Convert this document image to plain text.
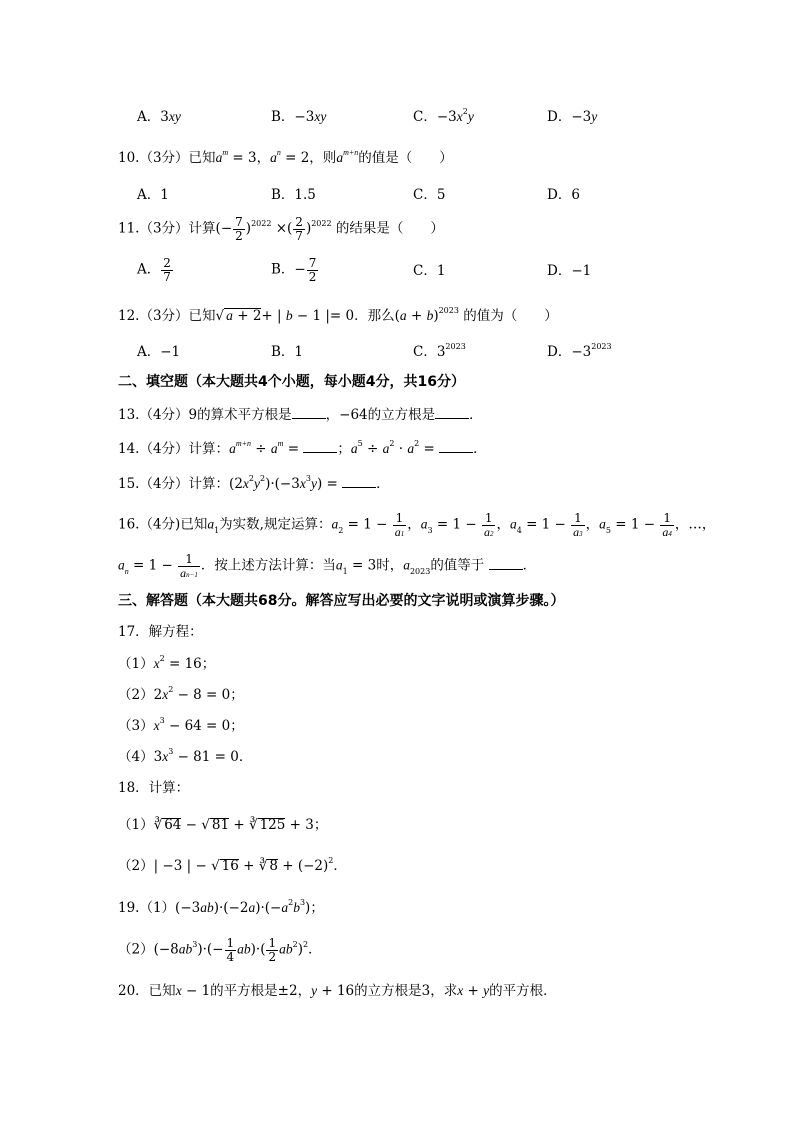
A．3xy	B．−3xy	C．$-3x^2y$	D．−3y
10.（3分）已知$a^m = 3$，$a^n = 2$，则$a^{m+n}$的值是（　　）
A．1	B．1.5	C．5	D．6
11.（3分）计算(− $\frac{7}{2} )^{2022}$ ×( $\frac{2}{7} )^{2022}$ 的结果是（　　）
A． $\frac{2}{7}$	B．− $\frac{7}{2}$	C．1	D．−1
12.（3分）已知√ a + 2+ | b − 1 |= 0．那么$(a + b)^{2023}$ 的值为（　　）
A．−1	B．1	C．$3^{2023}$	D．$-3^{2023}$
二、填空题（本大题共4个小题，每小题4分，共16分）
13.（4分）9的算术平方根是	，−64的立方根是	．
14.（4分）计算：$a^{m+n} \div a^m$ =	；$a^5 \div a^2 \cdot a^2$ =	．
15.（4分）计算：$(2x^2y^2)\cdot(-3x^3y)$ =	．
16.（4分)已知$a_1$为实数,规定运算：$a_2 = 1 - \frac{1}{a1}$ ，$a_3 = 1 - \frac{1}{a2}$ ，$a_4 = 1 - \frac{1}{a3}$ ，$a_5 = 1 - \frac{1}{a4}$ ，…，
$a_n = 1 - \frac{1}{an-1}$ ．按上述方法计算：当$a_1 = 3$时，$a_{2023}$的值等于	．
三、解答题（本大题共68分。解答应写出必要的文字说明或演算步骤。）
17．解方程：
$(1)x^2 = 16$；
$(2)2x^2 - 8 = 0$；
$(3)x^3 - 64 = 0$；
$(4)3x^3 - 81 = 0$．
18．计算：
（1）∛ 64 − √ 81 + ∛ 125 + 3；
（2）| −3 | − √ 16 + ∛ $8 + (-2)^2$．
$19.(1)(-3ab)\cdot(-2a)\cdot(-a^2b^3)$；
$(2)(-8ab^3)\cdot(- \frac{1}{4} ab)\cdot( \frac{1}{2} ab^2)^2$．
20．已知x − 1的平方根是±2，y + 16的立方根是3，求x + y的平方根．
